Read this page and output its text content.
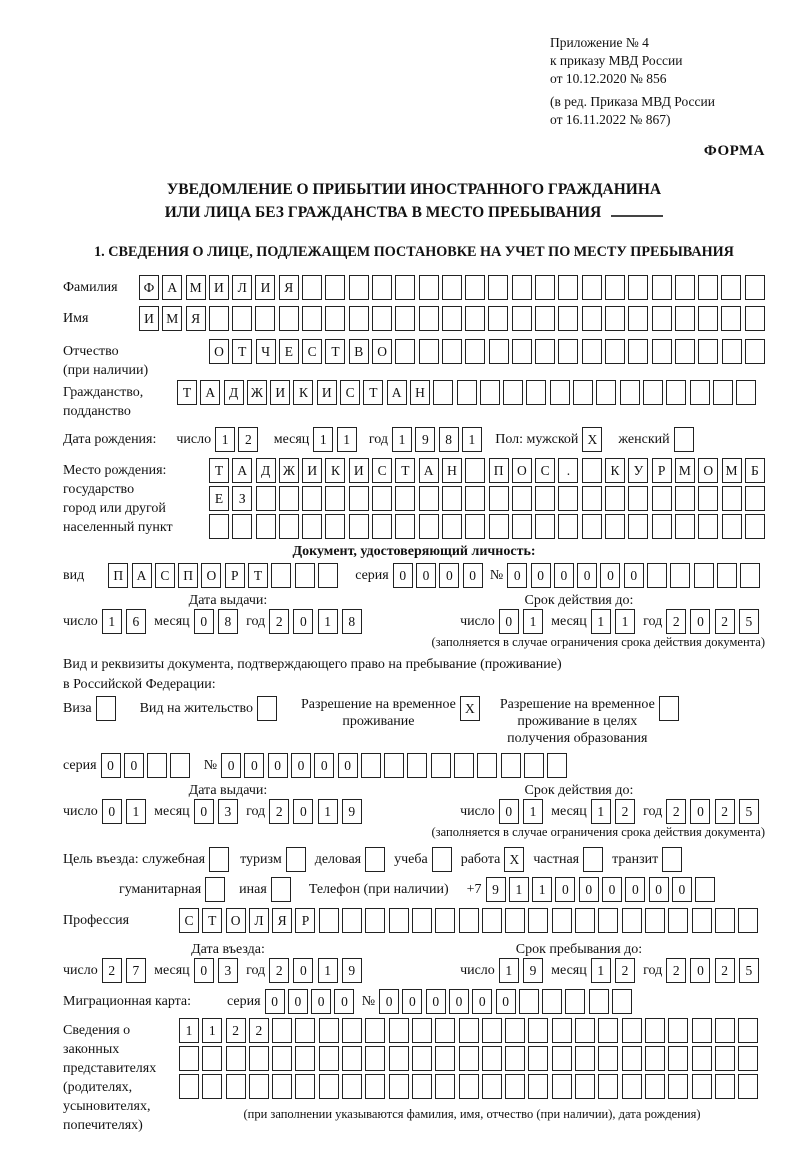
Приложение № 4
к приказу МВД России
от 10.12.2020 № 856
(в ред. Приказа МВД России
от 16.11.2022 № 867)
ФОРМА
УВЕДОМЛЕНИЕ О ПРИБЫТИИ ИНОСТРАННОГО ГРАЖДАНИНА
ИЛИ ЛИЦА БЕЗ ГРАЖДАНСТВА В МЕСТО ПРЕБЫВАНИЯ
1. СВЕДЕНИЯ О ЛИЦЕ, ПОДЛЕЖАЩЕМ ПОСТАНОВКЕ НА УЧЕТ ПО МЕСТУ ПРЕБЫВАНИЯ
Фамилия	Ф А М И	Л	И	Я
Имя	И М Я
Отчество
(при наличии)
О	Т	Ч	Е	С	Т	В	О
Гражданство,
подданство
Т	А	Д Ж И	К	И	С	Т	А	Н
Дата рождения: число 1	2	месяц 1	1	год 1	9	8	1	Пол: мужской X	женский
Место рождения:
государство
город или другой
населенный пункт
Т	А	Д Ж И	К	И	С	Т	А	Н	П	О	С	.	К	У	Р	М О М Б
Е	З
Документ, удостоверяющий личность:
вид	П	А	С	П	О	Р	Т	серия 0	0	0	0 № 0	0	0	0	0	0
Дата выдачи:	Срок действия до:
число 1	6	месяц 0	8	год 2	0	1	8	число 0	1	месяц 1	1	год 2	0	2	5
(заполняется в случае ограничения срока действия документа)
Вид и реквизиты документа, подтверждающего право на пребывание (проживание)
в Российской Федерации:
Виза	Вид на жительство	Разрешение на временное
проживание
X	Разрешение на временное
проживание в целях
получения образования
серия 0	0	№ 0	0	0	0	0	0
Дата выдачи:	Срок действия до:
число 0	1	месяц 0	3	год 2	0	1	9	число 0	1	месяц 1	2	год 2	0	2	5
(заполняется в случае ограничения срока действия документа)
Цель въезда: служебная	туризм деловая учеба работа X	частная транзит
гуманитарная	иная	Телефон (при наличии) +7 9	1	1	0	0	0	0	0	0
Профессия	С	Т	О	Л	Я	Р
Дата въезда:	Срок пребывания до:
число 2	7	месяц 0	3	год 2	0	1	9	число 1	9	месяц 1	2	год 2	0	2	5
Миграционная карта:	серия 0	0	0	0 № 0	0	0	0	0	0
Сведения о
законных
представителях
(родителях,
усыновителях,
попечителях)
1	1	2	2
(при заполнении указываются фамилия, имя, отчество (при наличии), дата рождения)
